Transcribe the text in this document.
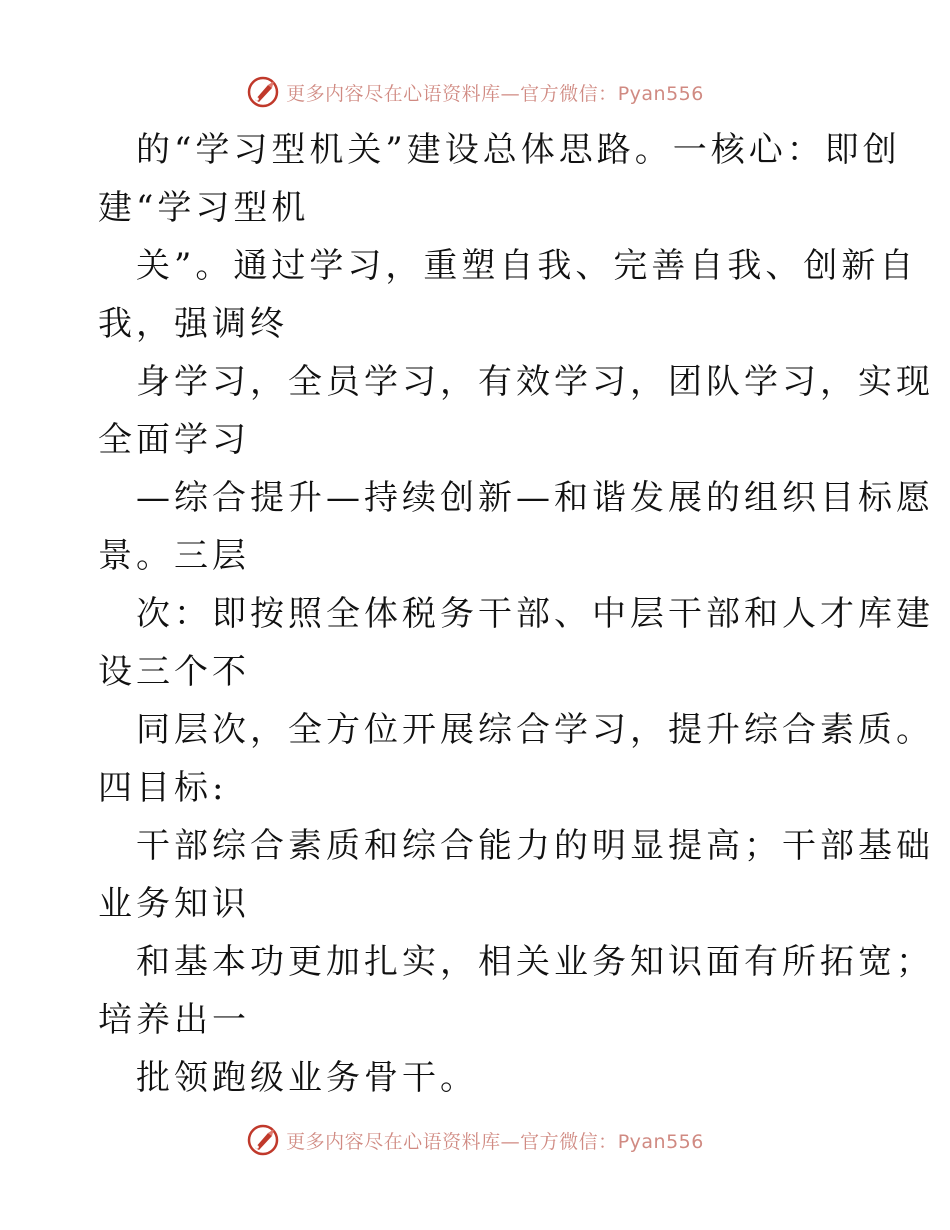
更多内容尽在心语资料库—官方微信：Pyan556
的“学习型机关”建设总体思路。一核心：即创
建“学习型机
关”。通过学习，重塑自我、完善自我、创新自
我，强调终
身学习，全员学习，有效学习，团队学习，实现
全面学习
—综合提升—持续创新—和谐发展的组织目标愿
景。三层
次：即按照全体税务干部、中层干部和人才库建
设三个不
同层次，全方位开展综合学习，提升综合素质。
四目标:
干部综合素质和综合能力的明显提高；干部基础
业务知识
和基本功更加扎实，相关业务知识面有所拓宽；
培养出一
批领跑级业务骨干。
更多内容尽在心语资料库—官方微信：Pyan556
